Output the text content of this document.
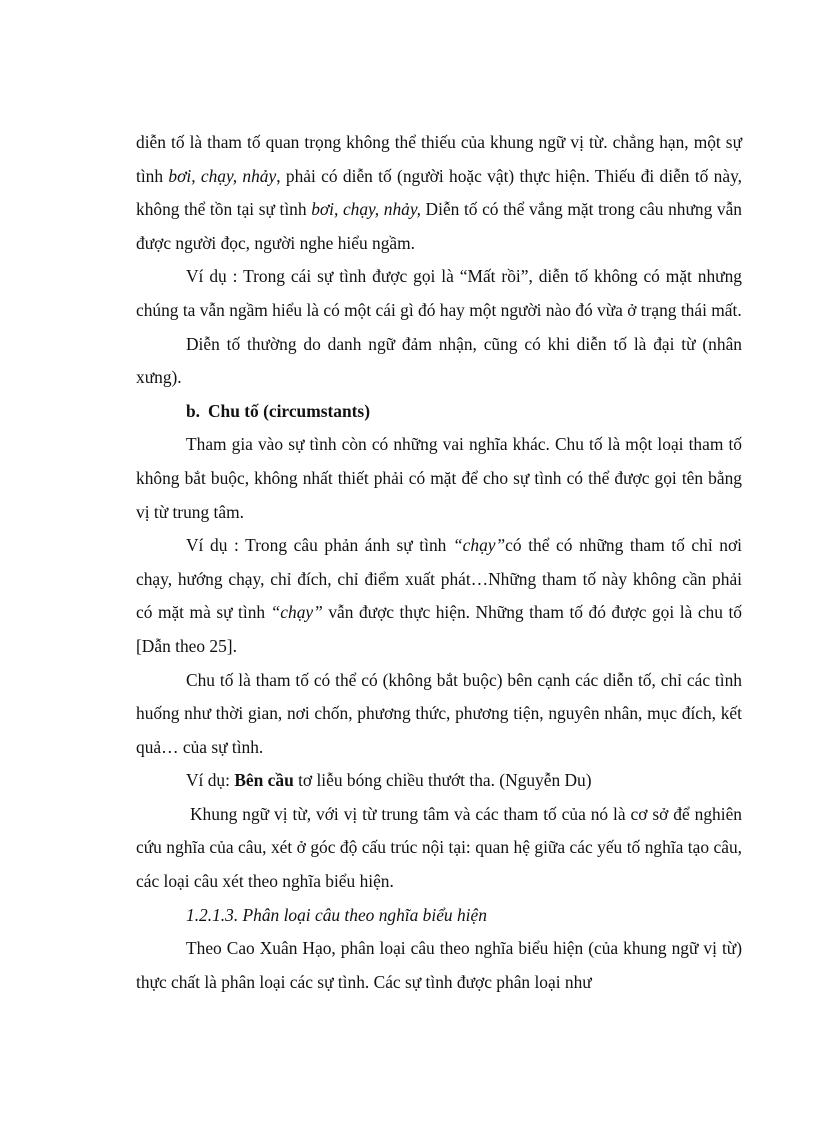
diễn tố là tham tố quan trọng không thể thiếu của khung ngữ vị từ. chẳng hạn, một sự tình bơi, chạy, nhảy, phải có diễn tố (người hoặc vật) thực hiện. Thiếu đi diễn tố này, không thể tồn tại sự tình bơi, chạy, nhảy, Diễn tố có thể vắng mặt trong câu nhưng vẫn được người đọc, người nghe hiểu ngầm.

Ví dụ : Trong cái sự tình được gọi là “Mất rồi”, diễn tố không có mặt nhưng chúng ta vẫn ngầm hiểu là có một cái gì đó hay một người nào đó vừa ở trạng thái mất.

Diễn tố thường do danh ngữ đảm nhận, cũng có khi diễn tố là đại từ (nhân xưng).

b. Chu tố (circumstants)

Tham gia vào sự tình còn có những vai nghĩa khác. Chu tố là một loại tham tố không bắt buộc, không nhất thiết phải có mặt để cho sự tình có thể được gọi tên bằng vị từ trung tâm.

Ví dụ : Trong câu phản ánh sự tình “chạy”có thể có những tham tố chỉ nơi chạy, hướng chạy, chỉ đích, chỉ điểm xuất phát…Những tham tố này không cần phải có mặt mà sự tình “chạy” vẫn được thực hiện. Những tham tố đó được gọi là chu tố [Dẫn theo 25].

Chu tố là tham tố có thể có (không bắt buộc) bên cạnh các diễn tố, chỉ các tình huống như thời gian, nơi chốn, phương thức, phương tiện, nguyên nhân, mục đích, kết quả… của sự tình.

Ví dụ: Bên cầu tơ liễu bóng chiều thướt tha. (Nguyễn Du)

Khung ngữ vị từ, với vị từ trung tâm và các tham tố của nó là cơ sở để nghiên cứu nghĩa của câu, xét ở góc độ cấu trúc nội tại: quan hệ giữa các yếu tố nghĩa tạo câu, các loại câu xét theo nghĩa biểu hiện.

1.2.1.3. Phân loại câu theo nghĩa biểu hiện

Theo Cao Xuân Hạo, phân loại câu theo nghĩa biểu hiện (của khung ngữ vị từ) thực chất là phân loại các sự tình. Các sự tình được phân loại như
